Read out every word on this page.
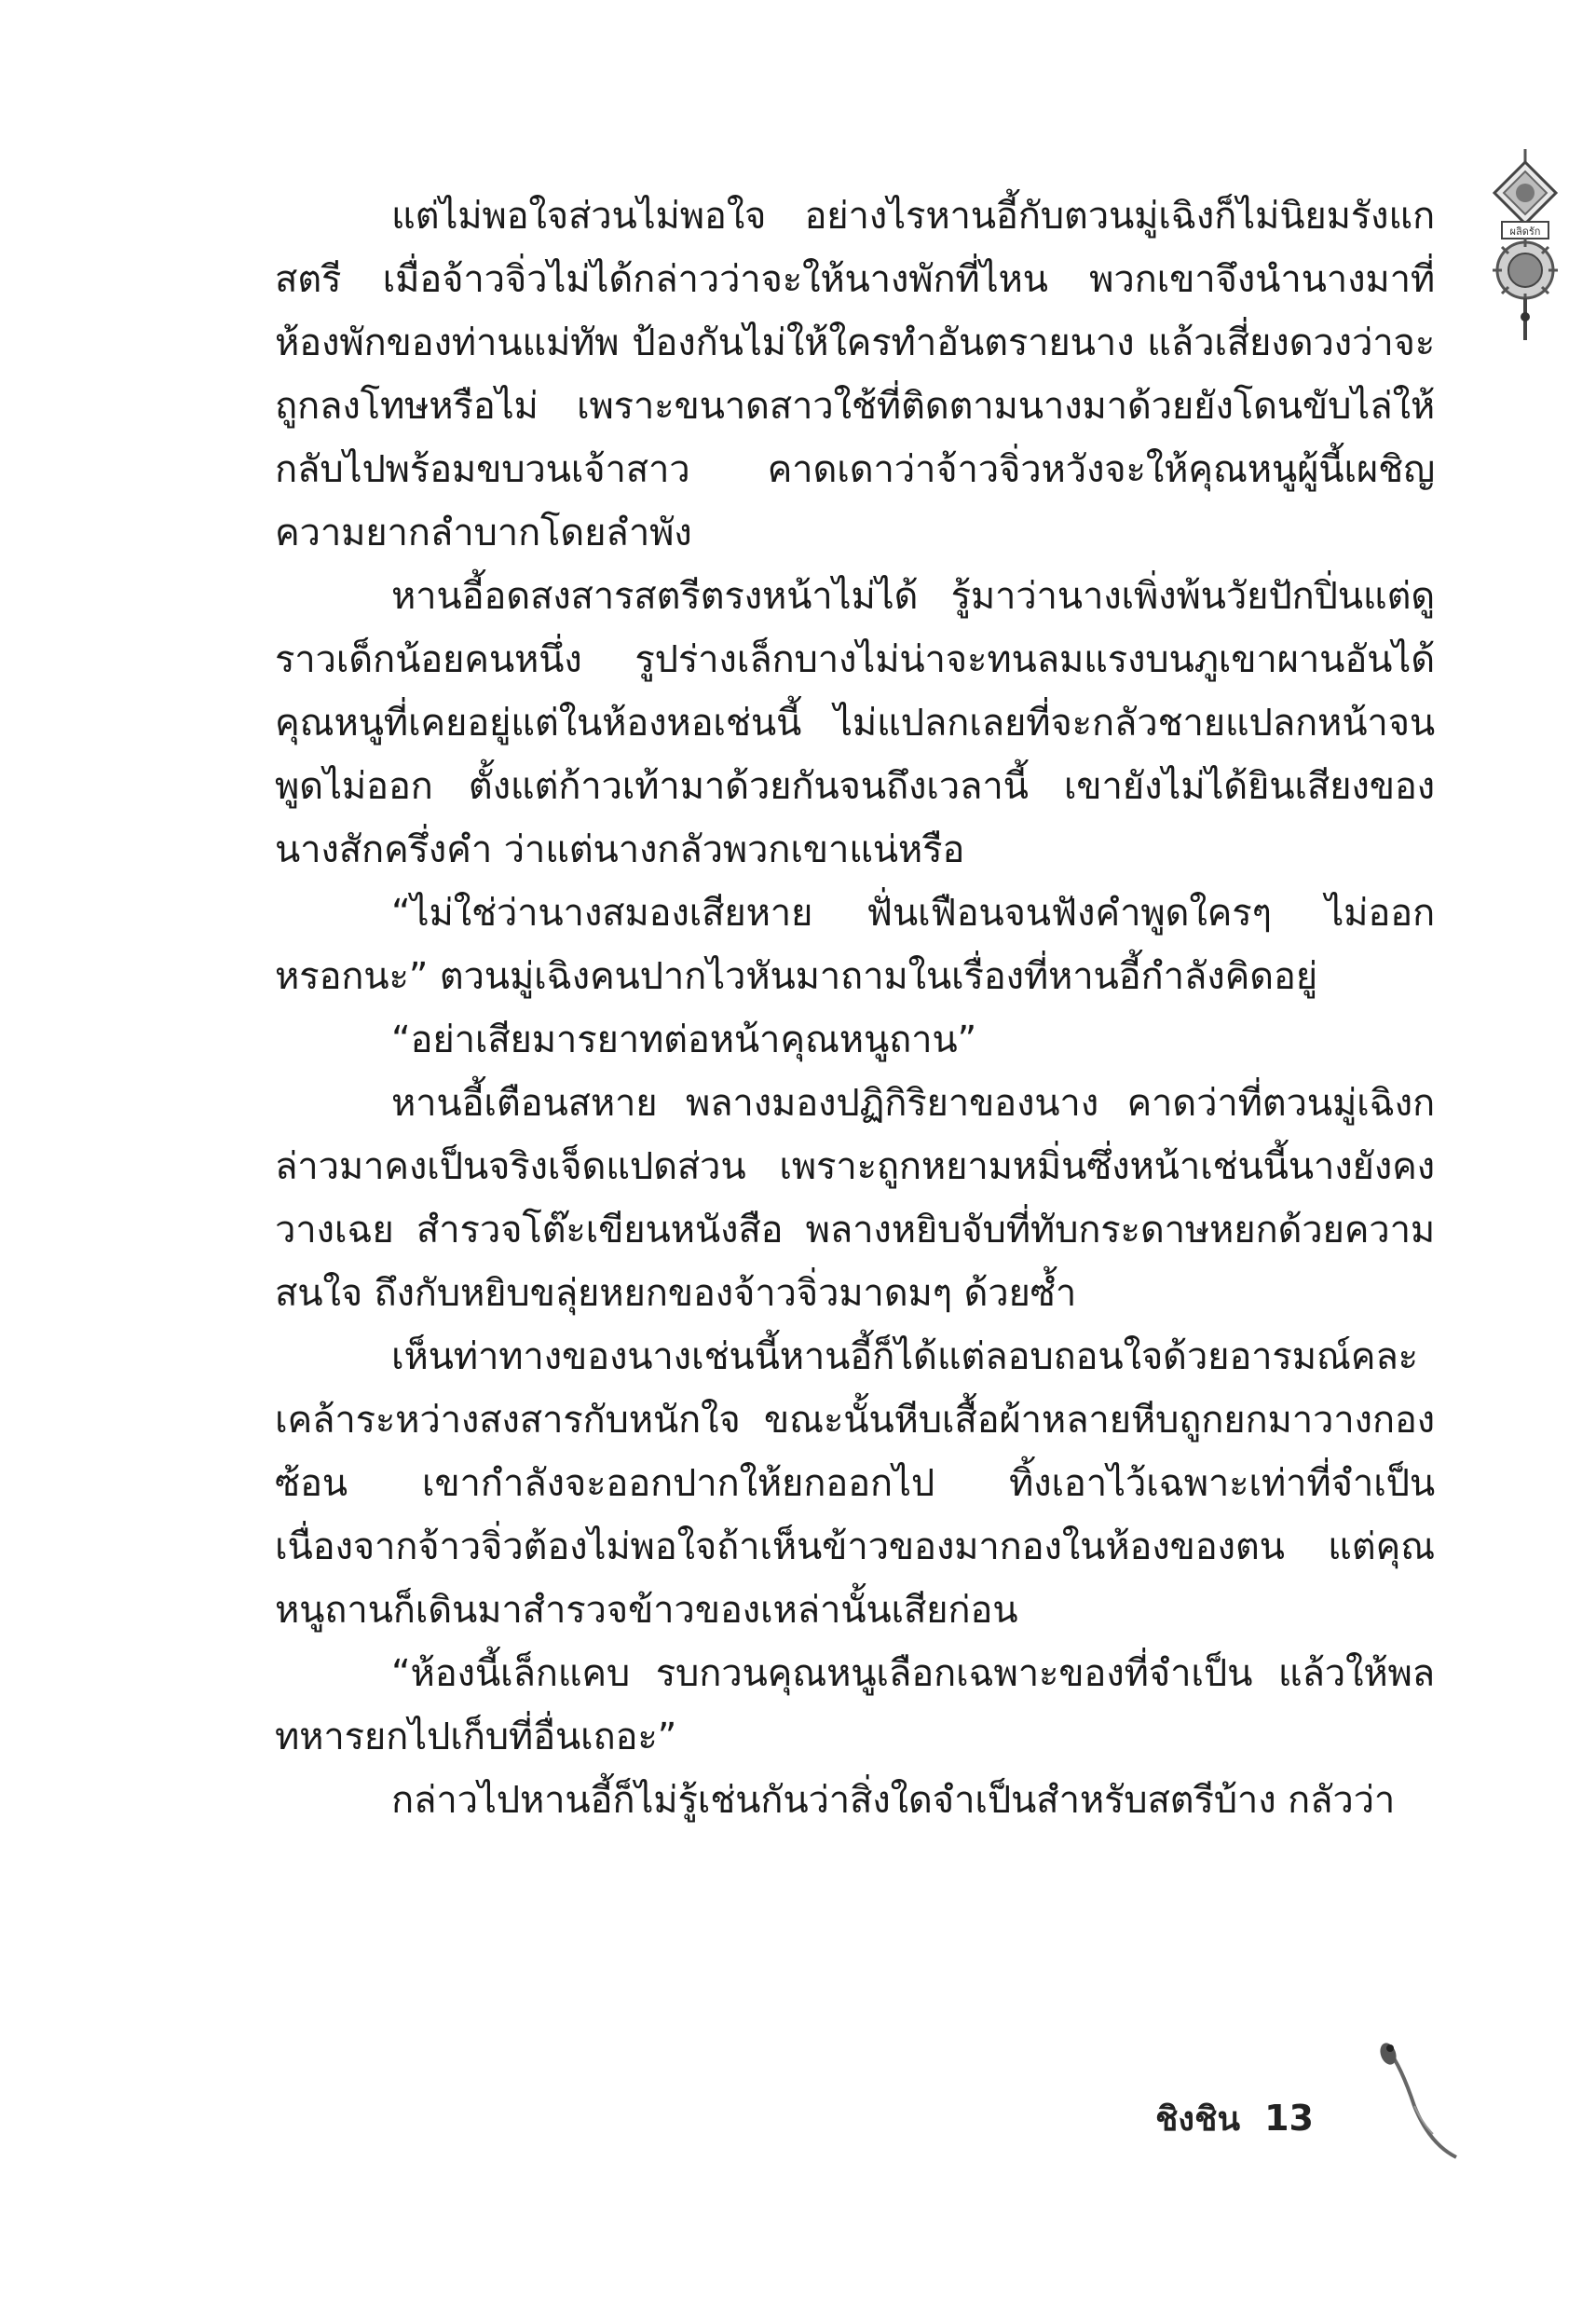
ผลิดรัก

แต่ไม่พอใจส่วนไม่พอใจ อย่างไรหานอี้กับตวนมู่เฉิงก็ไม่นิยมรังแกสตรี เมื่อจ้าวจิ่วไม่ได้กล่าวว่าจะให้นางพักที่ไหน พวกเขาจึงนำนางมาที่ห้องพักของท่านแม่ทัพ ป้องกันไม่ให้ใครทำอันตรายนาง แล้วเสี่ยงดวงว่าจะถูกลงโทษหรือไม่ เพราะขนาดสาวใช้ที่ติดตามนางมาด้วยยังโดนขับไล่ให้กลับไปพร้อมขบวนเจ้าสาว คาดเดาว่าจ้าวจิ่วหวังจะให้คุณหนูผู้นี้เผชิญความยากลำบากโดยลำพัง

หานอี้อดสงสารสตรีตรงหน้าไม่ได้ รู้มาว่านางเพิ่งพ้นวัยปักปิ่นแต่ดูราวเด็กน้อยคนหนึ่ง รูปร่างเล็กบางไม่น่าจะทนลมแรงบนภูเขาผานอันได้ คุณหนูที่เคยอยู่แต่ในห้องหอเช่นนี้ ไม่แปลกเลยที่จะกลัวชายแปลกหน้าจนพูดไม่ออก ตั้งแต่ก้าวเท้ามาด้วยกันจนถึงเวลานี้ เขายังไม่ได้ยินเสียงของนางสักครึ่งคำ ว่าแต่นางกลัวพวกเขาแน่หรือ

“ไม่ใช่ว่านางสมองเสียหาย ฟั่นเฟือนจนฟังคำพูดใครๆ ไม่ออกหรอกนะ” ตวนมู่เฉิงคนปากไวหันมาถามในเรื่องที่หานอี้กำลังคิดอยู่

“อย่าเสียมารยาทต่อหน้าคุณหนูถาน”

หานอี้เตือนสหาย พลางมองปฏิกิริยาของนาง คาดว่าที่ตวนมู่เฉิงกล่าวมาคงเป็นจริงเจ็ดแปดส่วน เพราะถูกหยามหมิ่นซึ่งหน้าเช่นนี้นางยังคงวางเฉย สำรวจโต๊ะเขียนหนังสือ พลางหยิบจับที่ทับกระดาษหยกด้วยความสนใจ ถึงกับหยิบขลุ่ยหยกของจ้าวจิ่วมาดมๆ ด้วยซ้ำ

เห็นท่าทางของนางเช่นนี้หานอี้ก็ได้แต่ลอบถอนใจด้วยอารมณ์คละเคล้าระหว่างสงสารกับหนักใจ ขณะนั้นหีบเสื้อผ้าหลายหีบถูกยกมาวางกองซ้อน เขากำลังจะออกปากให้ยกออกไป ทิ้งเอาไว้เฉพาะเท่าที่จำเป็นเนื่องจากจ้าวจิ่วต้องไม่พอใจถ้าเห็นข้าวของมากองในห้องของตน แต่คุณหนูถานก็เดินมาสำรวจข้าวของเหล่านั้นเสียก่อน

“ห้องนี้เล็กแคบ รบกวนคุณหนูเลือกเฉพาะของที่จำเป็น แล้วให้พลทหารยกไปเก็บที่อื่นเถอะ”

กล่าวไปหานอี้ก็ไม่รู้เช่นกันว่าสิ่งใดจำเป็นสำหรับสตรีบ้าง กลัวว่า

ชิงชิน 13
